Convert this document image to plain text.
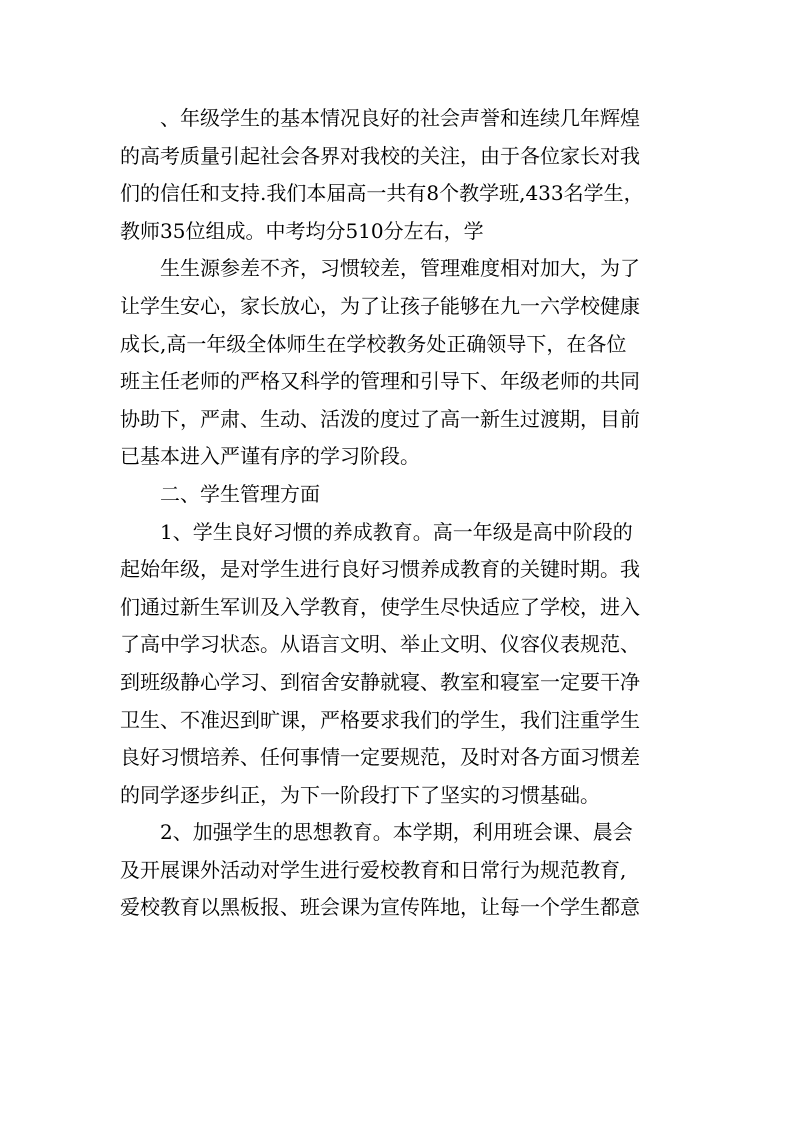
　　、年级学生的基本情况良好的社会声誉和连续几年辉煌
的高考质量引起社会各界对我校的关注，由于各位家长对我
们的信任和支持.我们本届高一共有8个教学班,433名学生，
教师35位组成。中考均分510分左右，学
　　生生源参差不齐，习惯较差，管理难度相对加大，为了
让学生安心，家长放心，为了让孩子能够在九一六学校健康
成长,高一年级全体师生在学校教务处正确领导下，在各位
班主任老师的严格又科学的管理和引导下、年级老师的共同
协助下，严肃、生动、活泼的度过了高一新生过渡期，目前
已基本进入严谨有序的学习阶段。
　　二、学生管理方面
　　1、学生良好习惯的养成教育。高一年级是高中阶段的
起始年级，是对学生进行良好习惯养成教育的关键时期。我
们通过新生军训及入学教育，使学生尽快适应了学校，进入
了高中学习状态。从语言文明、举止文明、仪容仪表规范、
到班级静心学习、到宿舍安静就寝、教室和寝室一定要干净
卫生、不准迟到旷课，严格要求我们的学生，我们注重学生
良好习惯培养、任何事情一定要规范，及时对各方面习惯差
的同学逐步纠正，为下一阶段打下了坚实的习惯基础。
　　2、加强学生的思想教育。本学期，利用班会课、晨会
及开展课外活动对学生进行爱校教育和日常行为规范教育,
爱校教育以黑板报、班会课为宣传阵地，让每一个学生都意
